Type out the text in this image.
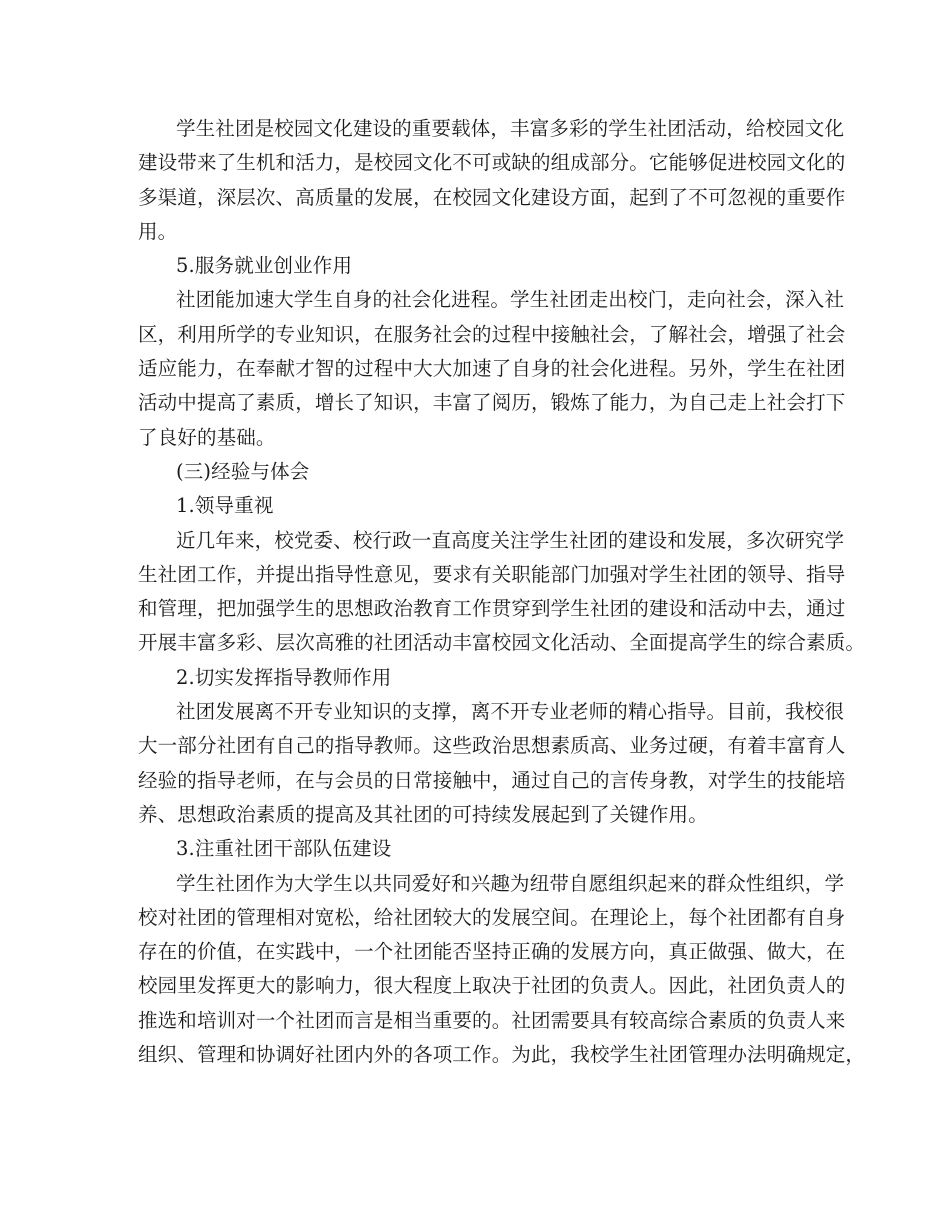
学生社团是校园文化建设的重要载体，丰富多彩的学生社团活动，给校园文化
建设带来了生机和活力，是校园文化不可或缺的组成部分。它能够促进校园文化的
多渠道，深层次、高质量的发展，在校园文化建设方面，起到了不可忽视的重要作
用。
5.服务就业创业作用
社团能加速大学生自身的社会化进程。学生社团走出校门，走向社会，深入社
区，利用所学的专业知识，在服务社会的过程中接触社会，了解社会，增强了社会
适应能力，在奉献才智的过程中大大加速了自身的社会化进程。另外，学生在社团
活动中提高了素质，增长了知识，丰富了阅历，锻炼了能力，为自己走上社会打下
了良好的基础。
(三)经验与体会
1.领导重视
近几年来，校党委、校行政一直高度关注学生社团的建设和发展，多次研究学
生社团工作，并提出指导性意见，要求有关职能部门加强对学生社团的领导、指导
和管理，把加强学生的思想政治教育工作贯穿到学生社团的建设和活动中去，通过
开展丰富多彩、层次高雅的社团活动丰富校园文化活动、全面提高学生的综合素质。
2.切实发挥指导教师作用
社团发展离不开专业知识的支撑，离不开专业老师的精心指导。目前，我校很
大一部分社团有自己的指导教师。这些政治思想素质高、业务过硬，有着丰富育人
经验的指导老师，在与会员的日常接触中，通过自己的言传身教，对学生的技能培
养、思想政治素质的提高及其社团的可持续发展起到了关键作用。
3.注重社团干部队伍建设
学生社团作为大学生以共同爱好和兴趣为纽带自愿组织起来的群众性组织，学
校对社团的管理相对宽松，给社团较大的发展空间。在理论上，每个社团都有自身
存在的价值，在实践中，一个社团能否坚持正确的发展方向，真正做强、做大，在
校园里发挥更大的影响力，很大程度上取决于社团的负责人。因此，社团负责人的
推选和培训对一个社团而言是相当重要的。社团需要具有较高综合素质的负责人来
组织、管理和协调好社团内外的各项工作。为此，我校学生社团管理办法明确规定，
